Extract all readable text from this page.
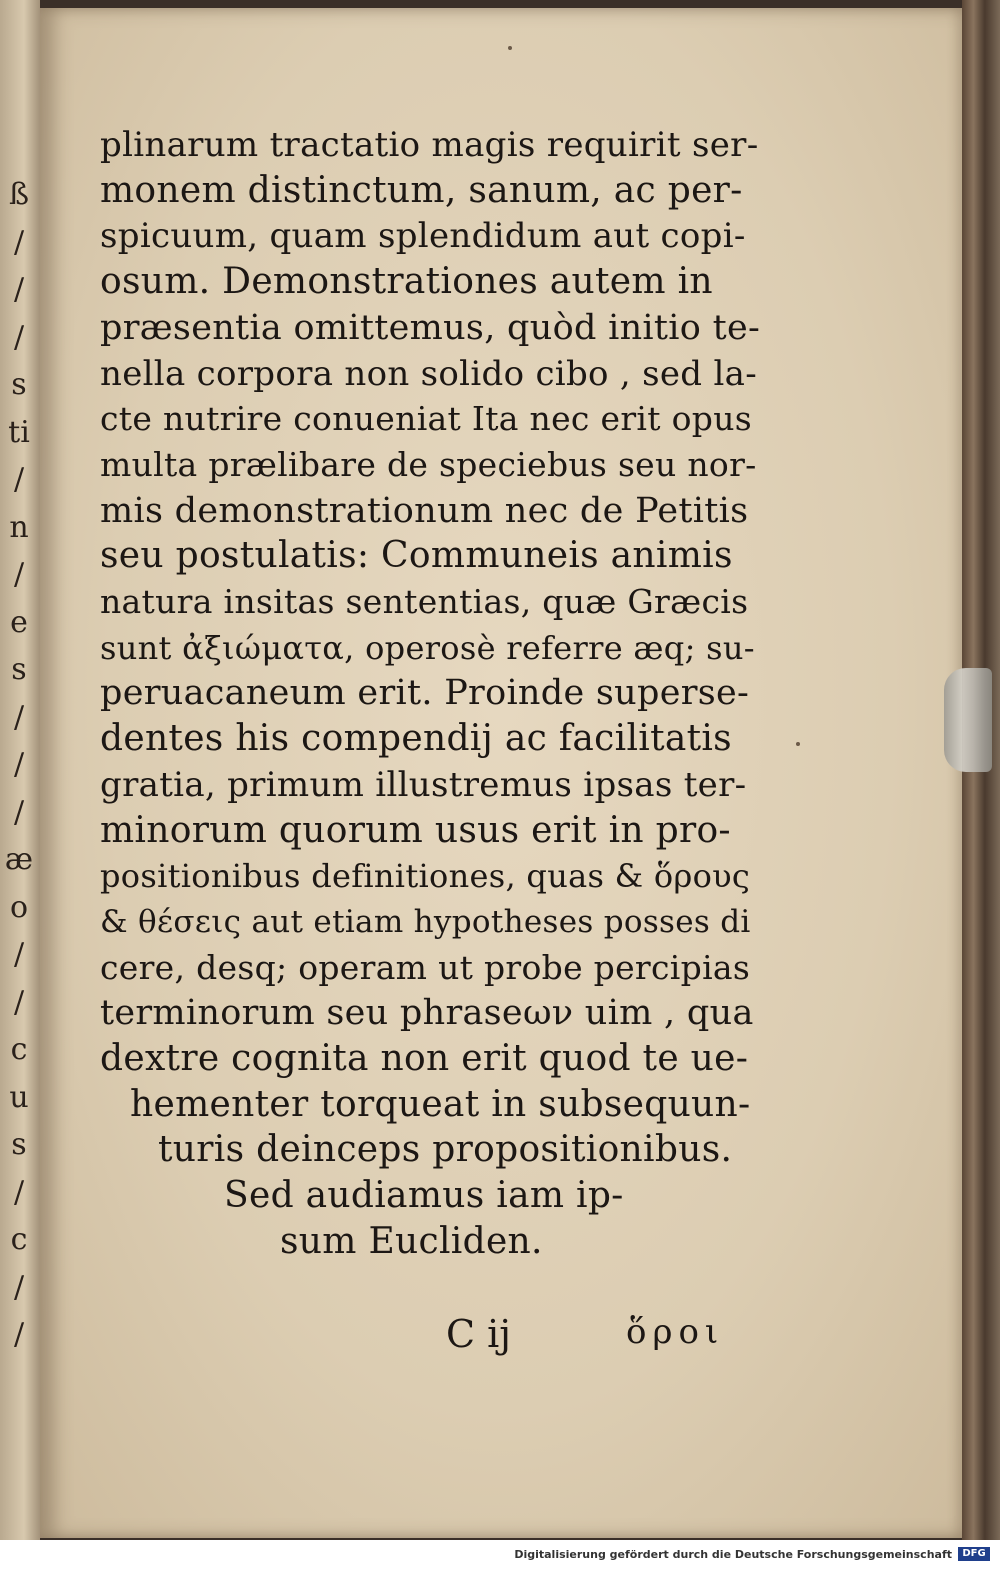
plinarum tractatio magis requirit ser-
monem distinctum, sanum, ac per-
spicuum, quam splendidum aut copi-
osum. Demonstrationes autem in
præsentia omittemus, quòd initio te-
nella corpora non solido cibo , sed la-
cte nutrire conueniat Ita nec erit opus
multa prælibare de speciebus seu nor-
mis demonstrationum nec de Petitis
seu postulatis: Communeis animis
natura insitas sententias, quæ Græcis
sunt ἀξιώματα, operosè referre æq; su-
peruacaneum erit. Proinde superse-
dentes his compendij ac facilitatis
gratia, primum illustremus ipsas ter-
minorum quorum usus erit in pro-
positionibus definitiones, quas & ὅρους
& θέσεις aut etiam hypotheses posses di
cere, desq; operam ut probe percipias
terminorum seu phraseων uim , qua
dextre cognita non erit quod te ue-
hementer torqueat in subsequun-
turis deinceps propositionibus.
Sed audiamus iam ip-
sum Eucliden.
C ij	ὅροι
ß
/
/
/
s
ti
/
n
/
e
s
/
/
/
æ
o
/
/
c
u
s
/
c
/
/
Digitalisierung gefördert durch die Deutsche Forschungsgemeinschaft	DFG
